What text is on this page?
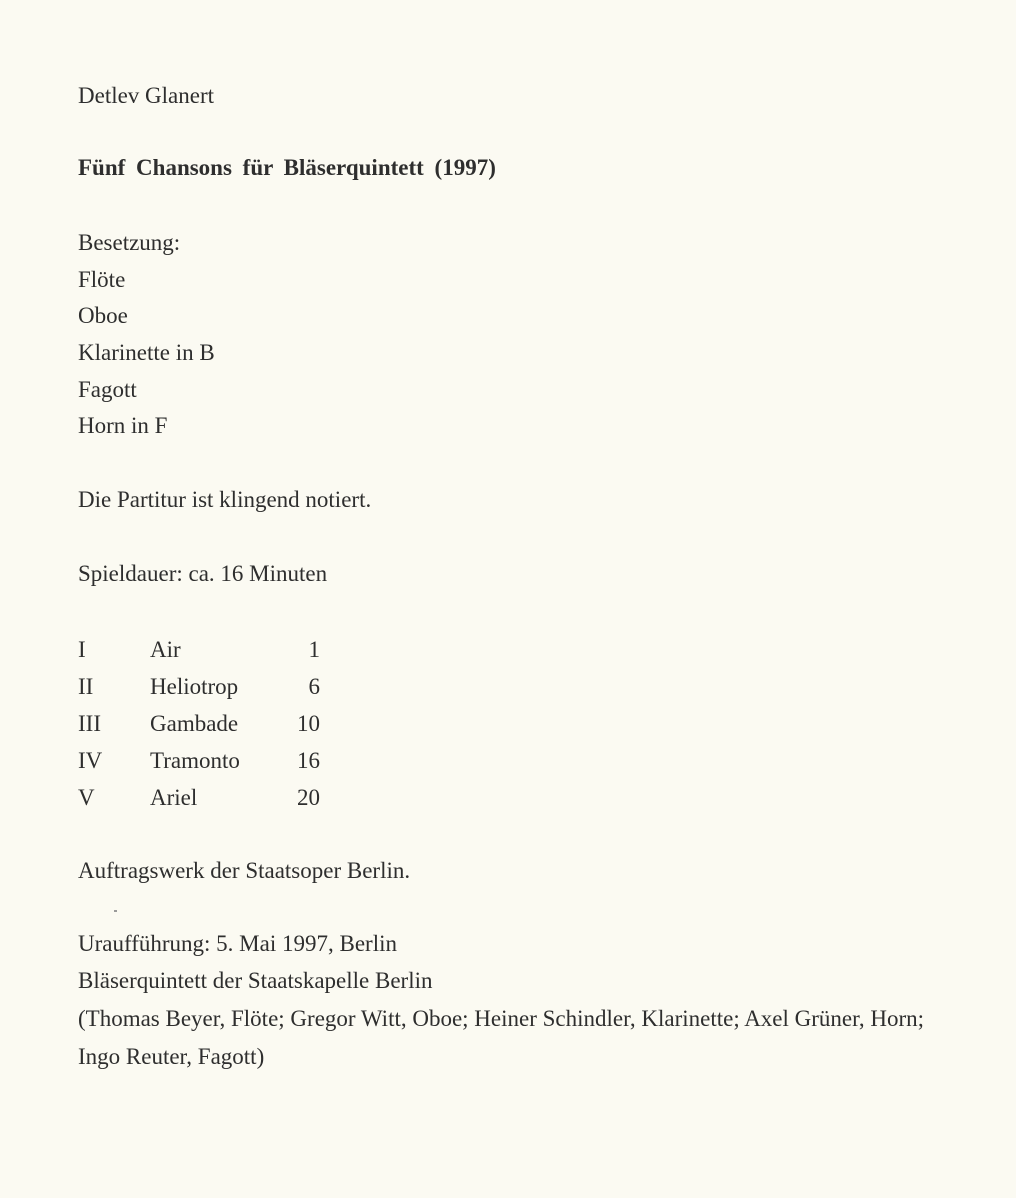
Detlev Glanert
Fünf Chansons für Bläserquintett (1997)
Besetzung:
Flöte
Oboe
Klarinette in B
Fagott
Horn in F
Die Partitur ist klingend notiert.
Spieldauer: ca. 16 Minuten
I	Air	1
II Heliotrop	6
III Gambade	10
IV Tramonto	16
V Ariel	20
Auftragswerk der Staatsoper Berlin.
Uraufführung: 5. Mai 1997, Berlin
Bläserquintett der Staatskapelle Berlin
(Thomas Beyer, Flöte; Gregor Witt, Oboe; Heiner Schindler, Klarinette; Axel Grüner, Horn;
Ingo Reuter, Fagott)
